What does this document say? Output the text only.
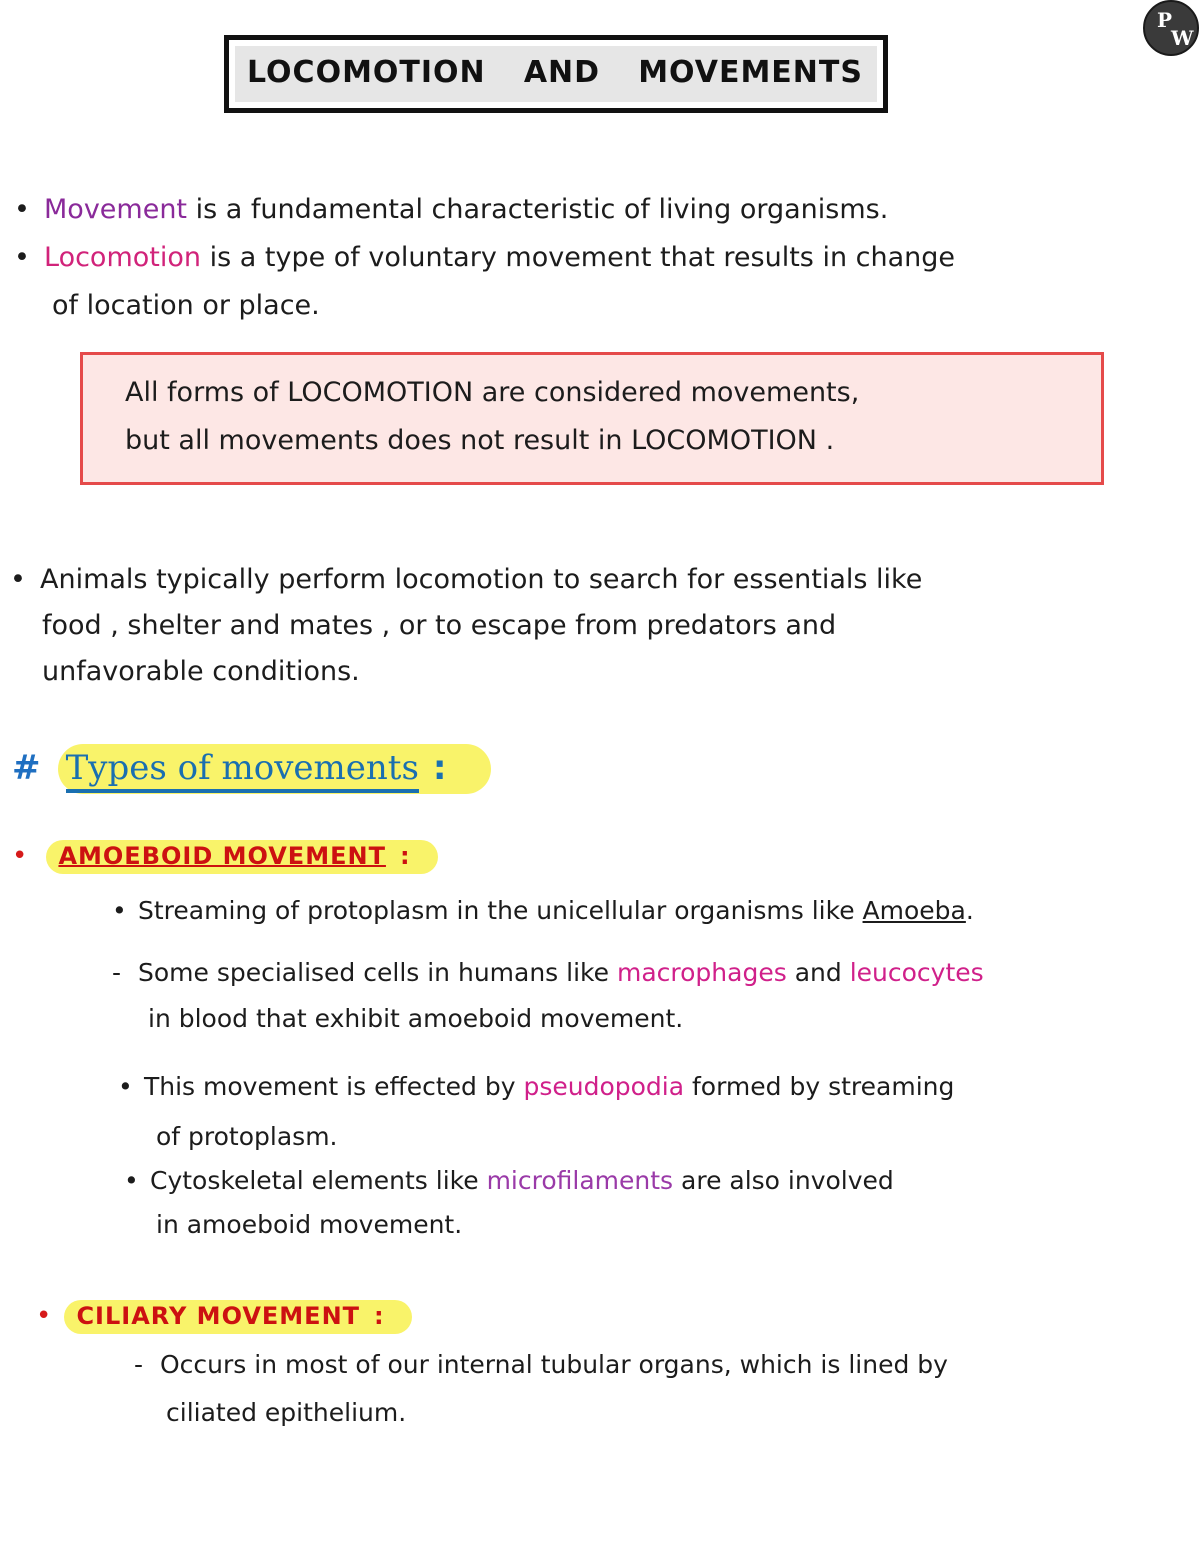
P
W
LOCOMOTION AND MOVEMENTS
• Movement is a fundamental characteristic of living organisms.
• Locomotion is a type of voluntary movement that results in change
of location or place.
All forms of LOCOMOTION are considered movements,
but all movements does not result in LOCOMOTION .
• Animals typically perform locomotion to search for essentials like
food , shelter and mates , or to escape from predators and
unfavorable conditions.
# Types of movements :
• AMOEBOID MOVEMENT :
• Streaming of protoplasm in the unicellular organisms like Amoeba.
- Some specialised cells in humans like macrophages and leucocytes
in blood that exhibit amoeboid movement.
• This movement is effected by pseudopodia formed by streaming
of protoplasm.
• Cytoskeletal elements like microfilaments are also involved
in amoeboid movement.
• CILIARY MOVEMENT :
- Occurs in most of our internal tubular organs, which is lined by
ciliated epithelium.
